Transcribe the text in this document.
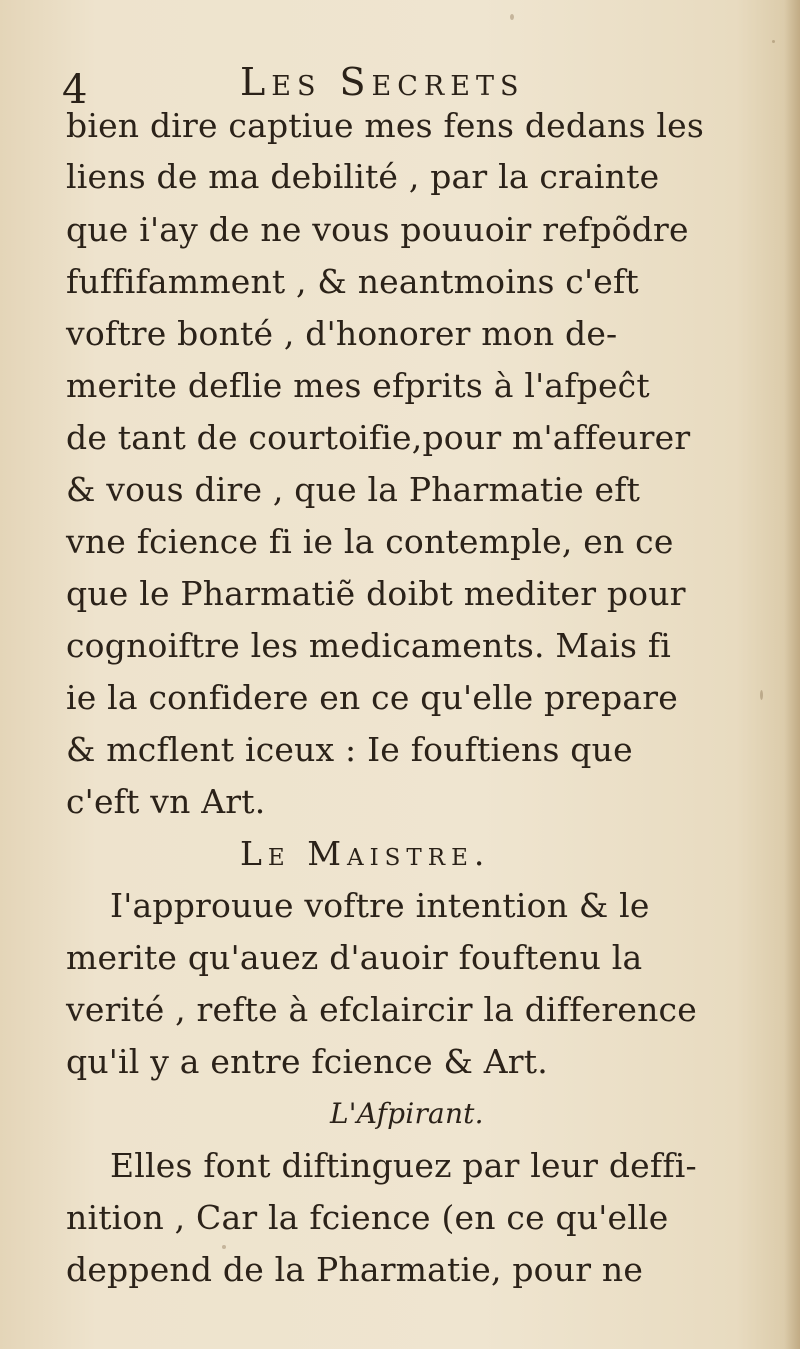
4	Les Secrets
bien dire captiue mes fens dedans les
liens de ma debilité , par la crainte
que i'ay de ne vous pouuoir refpõdre
fuffifamment , & neantmoins c'eft
voftre bonté , d'honorer mon de-
merite deflie mes efprits à l'afpeĉt
de tant de courtoifie,pour m'affeurer
& vous dire , que la Pharmatie eft
vne fcience fi ie la contemple, en ce
que le Pharmatiẽ doibt mediter pour
cognoiftre les medicaments. Mais fi
ie la confidere en ce qu'elle prepare
& mcflent iceux : Ie fouftiens que
c'eft vn Art.
Le Maistre.
I'approuue voftre intention & le
merite qu'auez d'auoir fouftenu la
verité , refte à efclaircir la difference
qu'il y a entre fcience & Art.
L'Afpirant.
Elles font diftinguez par leur deffi-
nition , Car la fcience (en ce qu'elle
deppend de la Pharmatie, pour ne
